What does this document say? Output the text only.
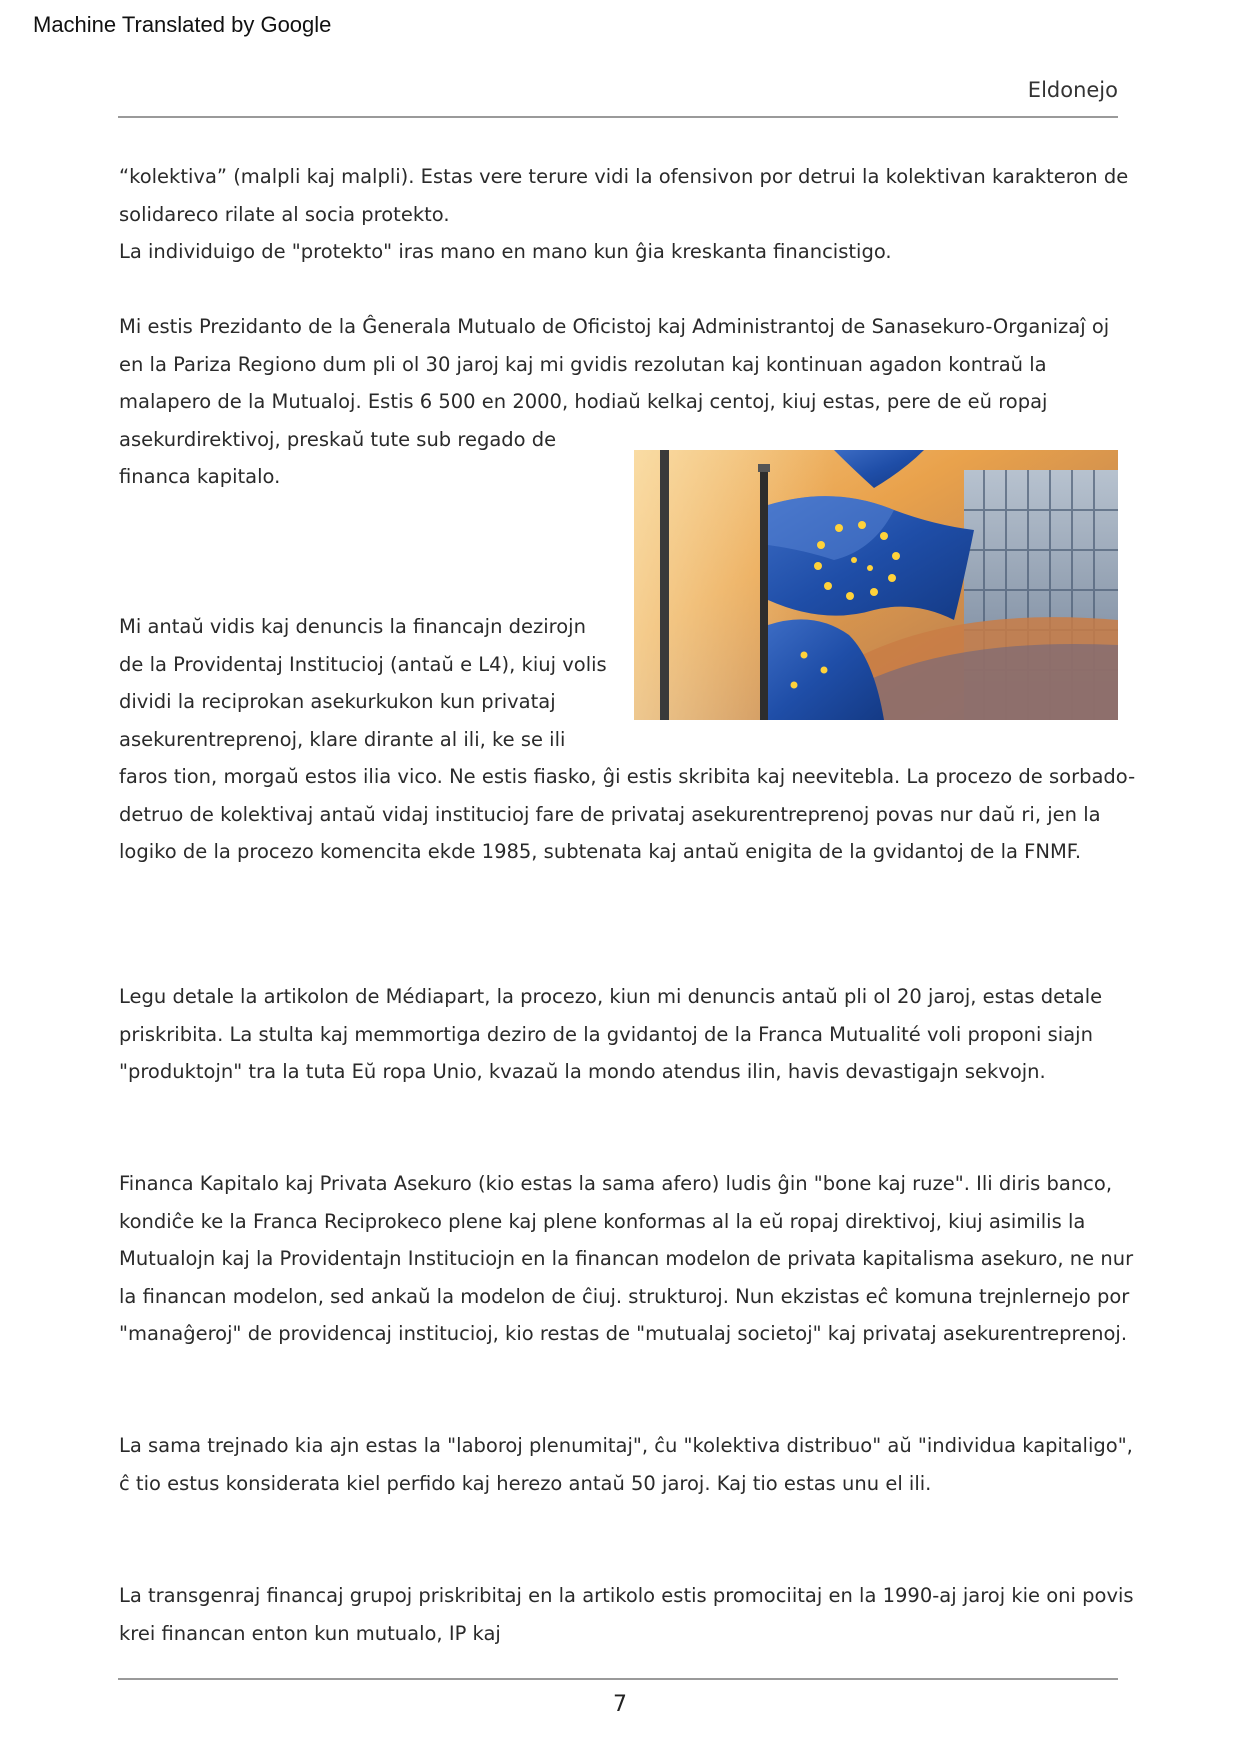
Machine Translated by Google
Eldonejo
“kolektiva” (malpli kaj malpli). Estas vere terure vidi la ofensivon por detrui la kolektivan karakteron de
solidareco rilate al socia protekto.
La individuigo de "protekto" iras mano en mano kun ĝia kreskanta financistigo.
Mi estis Prezidanto de la Ĝenerala Mutualo de Oficistoj kaj Administrantoj de Sanasekuro-Organizaĵ oj
en la Pariza Regiono dum pli ol 30 jaroj kaj mi gvidis rezolutan kaj kontinuan agadon kontraŭ la
malapero de la Mutualoj. Estis 6 500 en 2000, hodiaŭ kelkaj centoj, kiuj estas, pere de eŭ ropaj
asekurdirektivoj, preskaŭ tute sub regado de
financa kapitalo.
Mi antaŭ vidis kaj denuncis la financajn dezirojn
de la Providentaj Institucioj (antaŭ e L4), kiuj volis
dividi la reciprokan asekurkukon kun privataj
asekurentreprenoj, klare dirante al ili, ke se ili
faros tion, morgaŭ estos ilia vico. Ne estis fiasko, ĝi estis skribita kaj neevitebla. La procezo de sorbado-
detruo de kolektivaj antaŭ vidaj institucioj fare de privataj asekurentreprenoj povas nur daŭ ri, jen la
logiko de la procezo komencita ekde 1985, subtenata kaj antaŭ enigita de la gvidantoj de la FNMF.
Legu detale la artikolon de Médiapart, la procezo, kiun mi denuncis antaŭ pli ol 20 jaroj, estas detale
priskribita. La stulta kaj memmortiga deziro de la gvidantoj de la Franca Mutualité voli proponi siajn
"produktojn" tra la tuta Eŭ ropa Unio, kvazaŭ la mondo atendus ilin, havis devastigajn sekvojn.
Financa Kapitalo kaj Privata Asekuro (kio estas la sama afero) ludis ĝin "bone kaj ruze". Ili diris banco,
kondiĉe ke la Franca Reciprokeco plene kaj plene konformas al la eŭ ropaj direktivoj, kiuj asimilis la
Mutualojn kaj la Providentajn Instituciojn en la financan modelon de privata kapitalisma asekuro, ne nur
la financan modelon, sed ankaŭ la modelon de ĉiuj. strukturoj. Nun ekzistas eĉ komuna trejnlernejo por
"manaĝeroj" de providencaj institucioj, kio restas de "mutualaj societoj" kaj privataj asekurentreprenoj.
La sama trejnado kia ajn estas la "laboroj plenumitaj", ĉu "kolektiva distribuo" aŭ "individua kapitaligo",
ĉ tio estus konsiderata kiel perfido kaj herezo antaŭ 50 jaroj. Kaj tio estas unu el ili.
La transgenraj financaj grupoj priskribitaj en la artikolo estis promociitaj en la 1990-aj jaroj kie oni povis
krei financan enton kun mutualo, IP kaj
7
